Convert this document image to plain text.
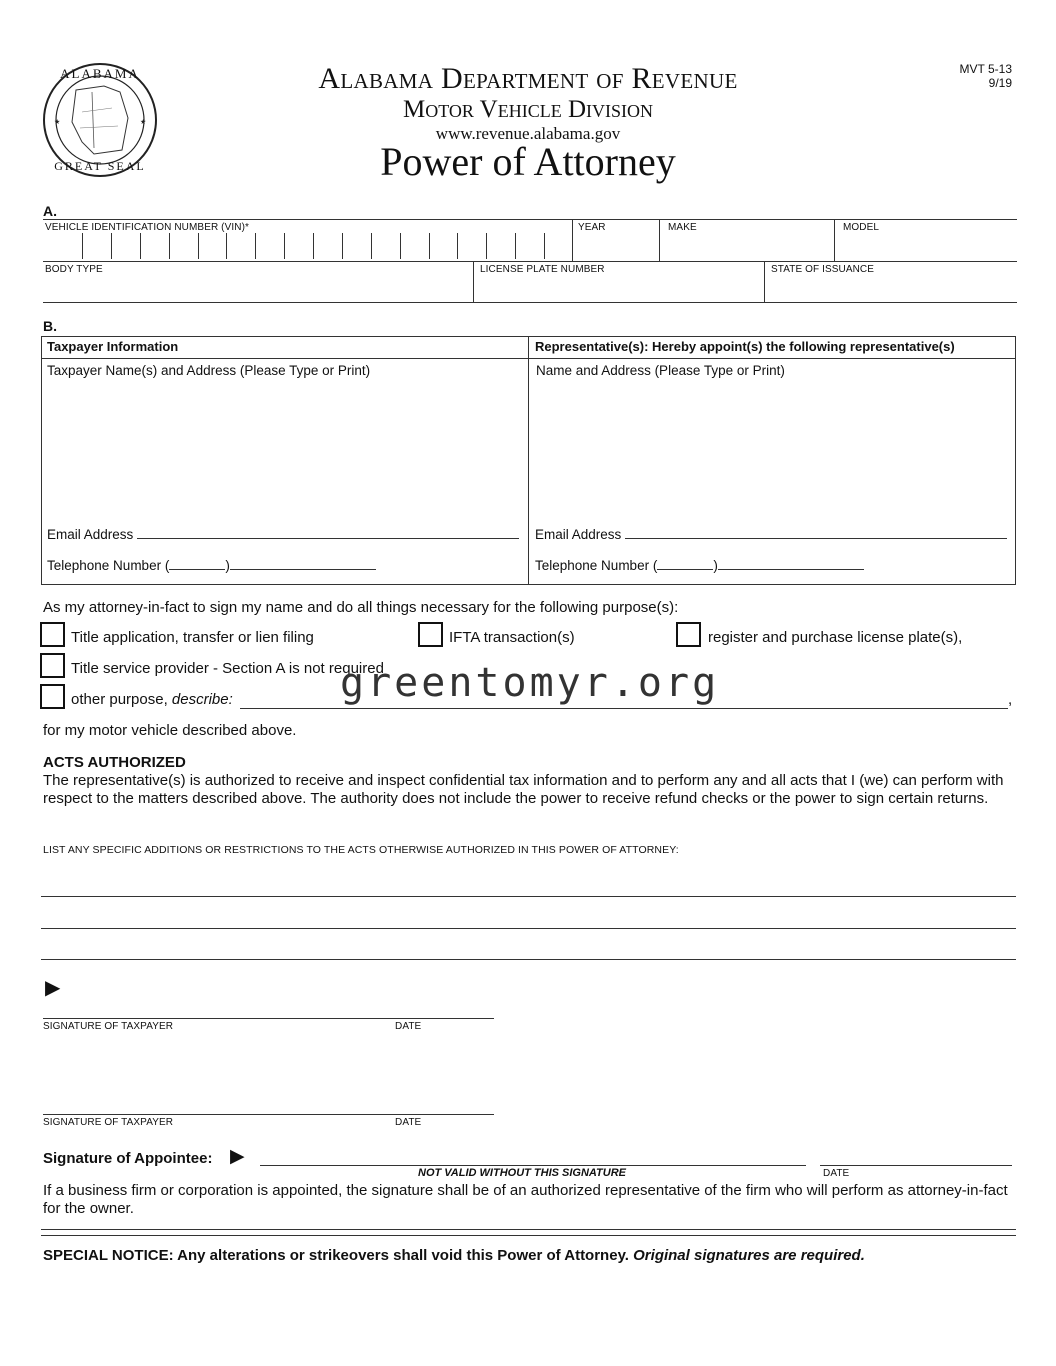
★	★
ALABAMA
GREAT SEAL
Alabama Department of Revenue
Motor Vehicle Division
www.revenue.alabama.gov
Power of Attorney
MVT 5-13
9/19
A.
VEHICLE IDENTIFICATION NUMBER (VIN)*	YEAR	MAKE	MODEL
BODY TYPE	LICENSE PLATE NUMBER	STATE OF ISSUANCE
B.
Taxpayer Information	Representative(s): Hereby appoint(s) the following representative(s)
Taxpayer Name(s) and Address (Please Type or Print)	Name and Address (Please Type or Print)
Email Address
Telephone Number (	)
Email Address
Telephone Number (	)
As my attorney-in-fact to sign my name and do all things necessary for the following purpose(s):
Title application, transfer or lien filing	IFTA transaction(s)	register and purchase license plate(s),
Title service provider - Section A is not required
other purpose, describe:	,
greentomyr.org
for my motor vehicle described above.
ACTS AUTHORIZED
The representative(s) is authorized to receive and inspect confidential tax information and to perform any and all acts that I (we) can perform with respect to the matters described above. The authority does not include the power to receive refund checks or the power to sign certain returns.
LIST ANY SPECIFIC ADDITIONS OR RESTRICTIONS TO THE ACTS OTHERWISE AUTHORIZED IN THIS POWER OF ATTORNEY:
▶
SIGNATURE OF TAXPAYER	DATE
SIGNATURE OF TAXPAYER	DATE
Signature of Appointee: ▶
NOT VALID WITHOUT THIS SIGNATURE	DATE
If a business firm or corporation is appointed, the signature shall be of an authorized representative of the firm who will perform as attorney-in-fact for the owner.
SPECIAL NOTICE: Any alterations or strikeovers shall void this Power of Attorney. Original signatures are required.
